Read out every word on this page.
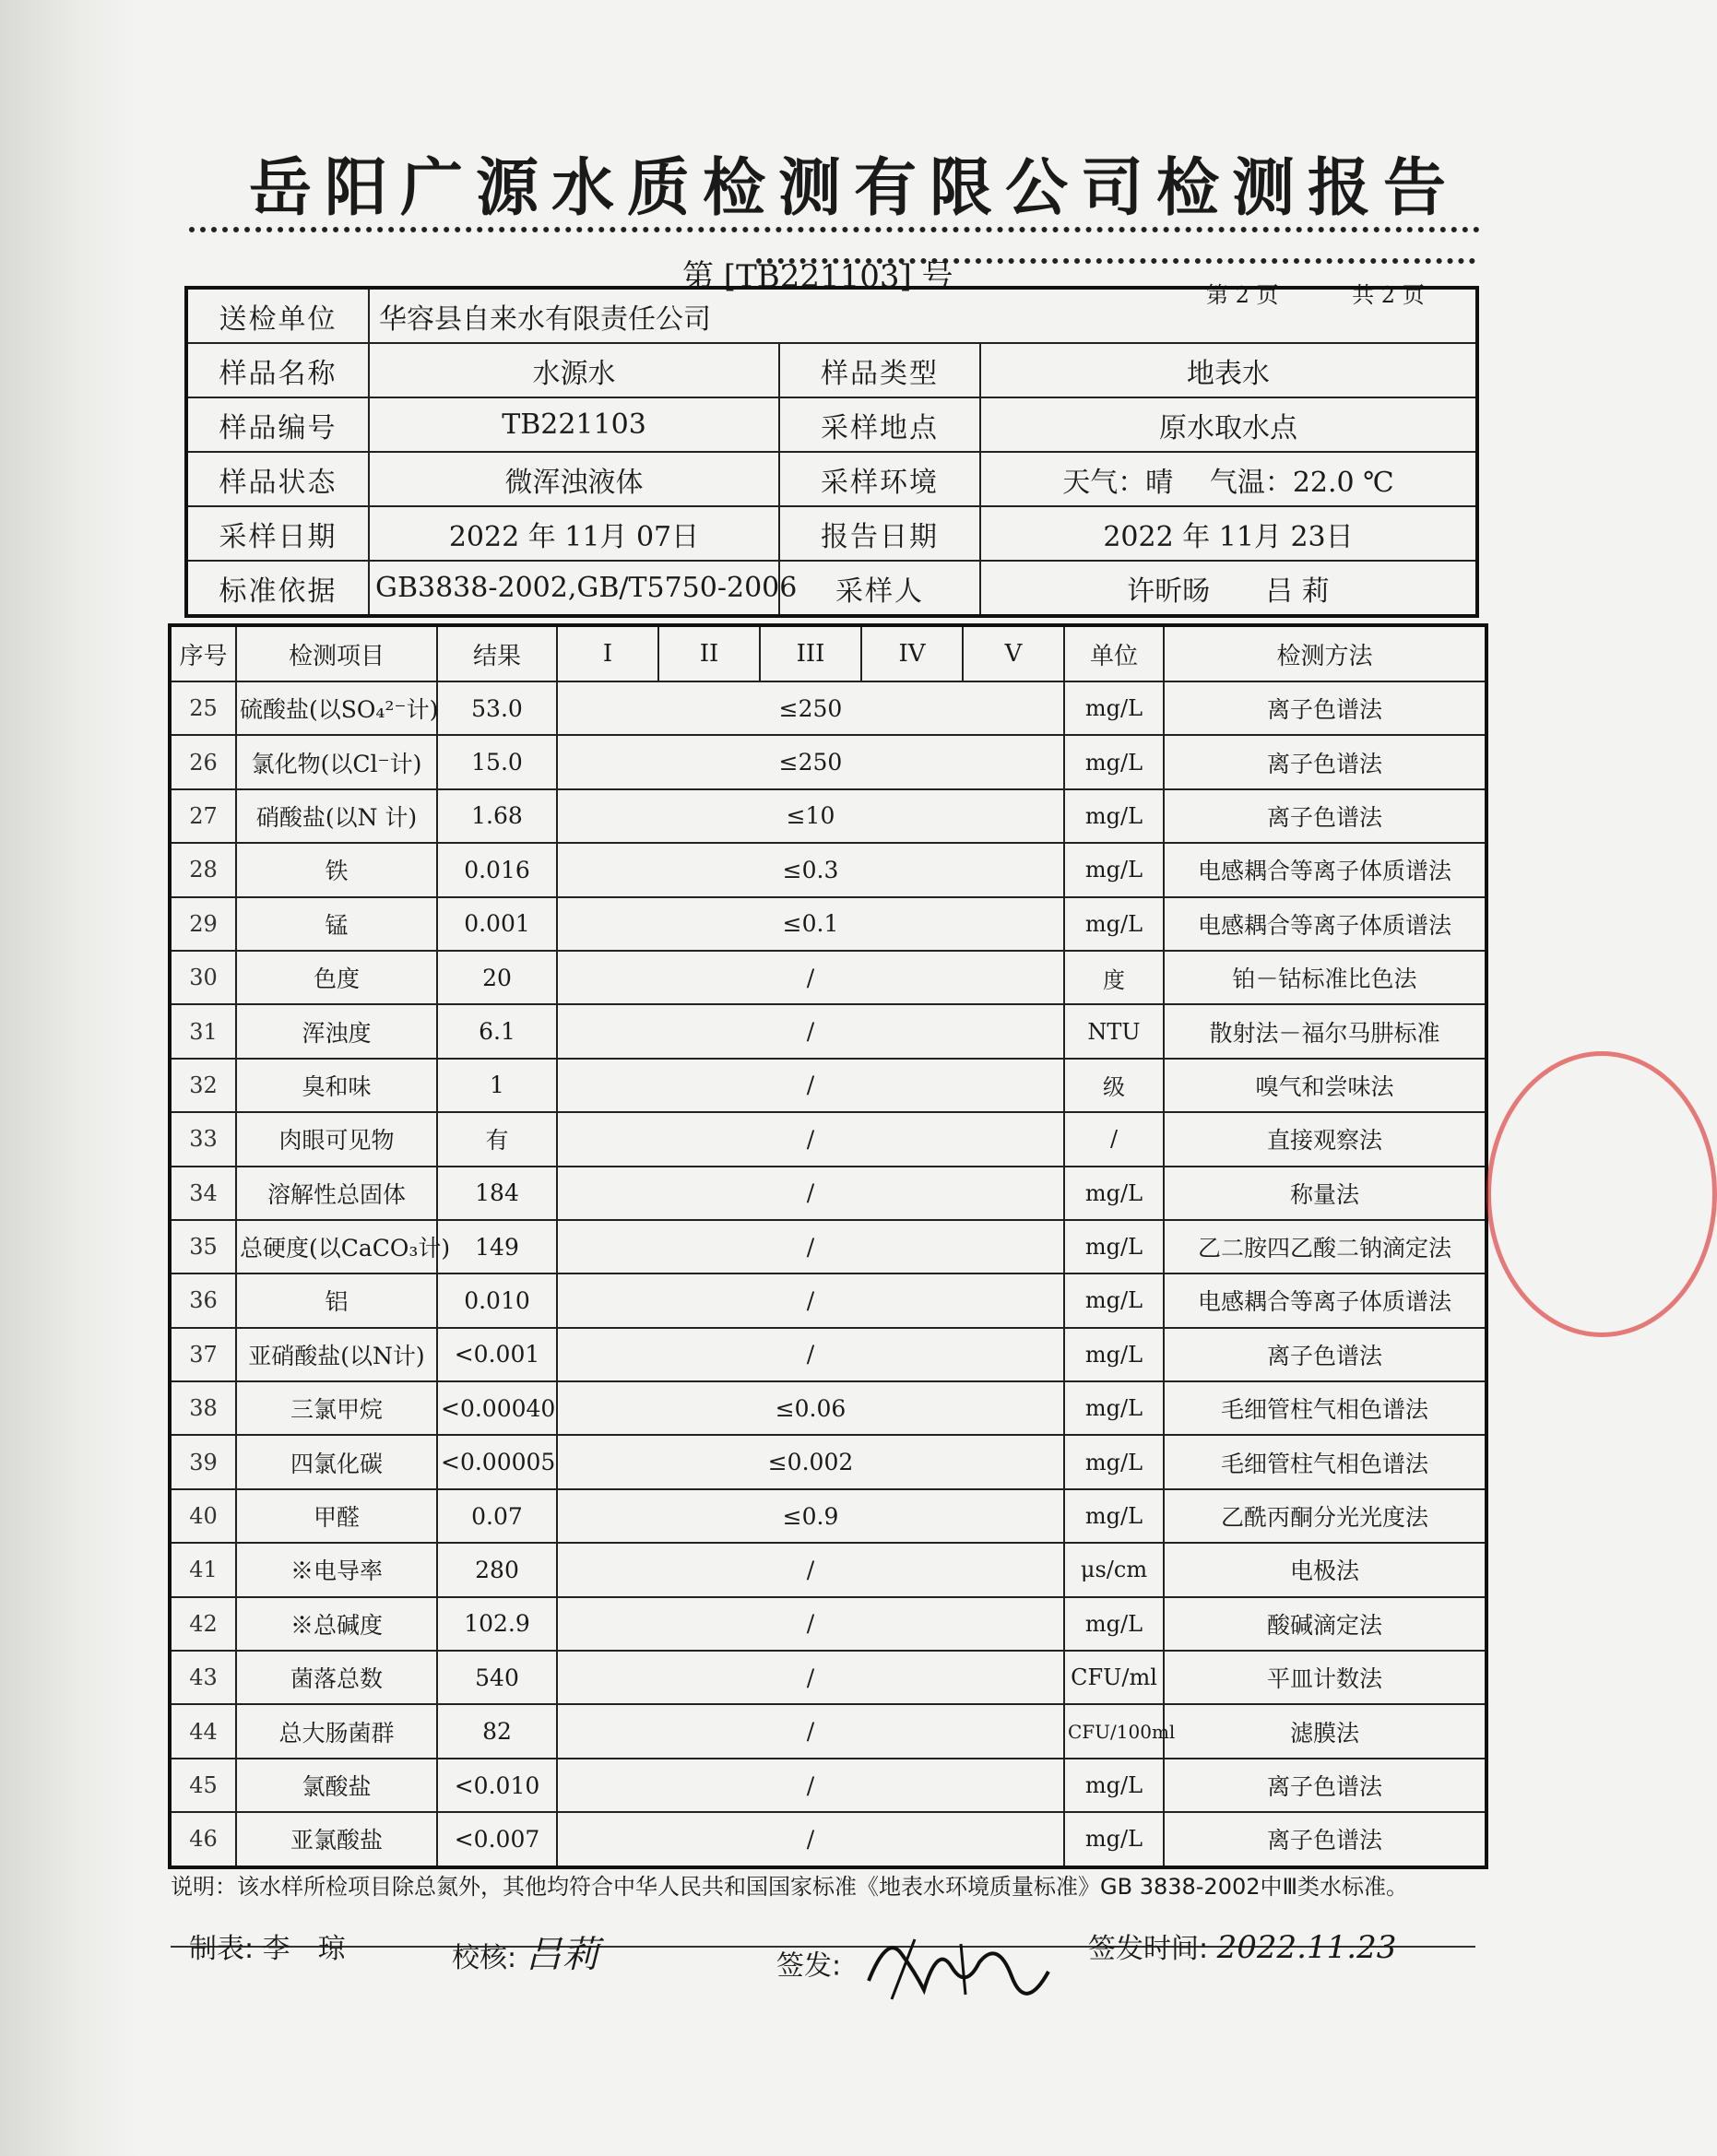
岳阳广源水质检测有限公司检测报告
第 [TB221103] 号	第 2 页	共 2 页
送检单位	华容县自来水有限责任公司		
样品名称	水源水	样品类型	地表水
样品编号	TB221103	采样地点	原水取水点
样品状态	微浑浊液体	采样环境	天气：晴　 气温：22.0 ℃
采样日期	2022 年 11月 07日	报告日期	2022 年 11月 23日
标准依据	GB3838-2002,GB/T5750-2006	采样人	许昕旸　　吕 莉
序号	检测项目	结果	I	II	III	IV	V	单位	检测方法
25	硫酸盐(以SO₄²⁻计)	53.0	≤250					mg/L	离子色谱法
26	氯化物(以Cl⁻计)	15.0	≤250					mg/L	离子色谱法
27	硝酸盐(以N 计)	1.68	≤10					mg/L	离子色谱法
28	铁	0.016	≤0.3					mg/L	电感耦合等离子体质谱法
29	锰	0.001	≤0.1					mg/L	电感耦合等离子体质谱法
30	色度	20	/					度	铂－钴标准比色法
31	浑浊度	6.1	/					NTU	散射法－福尔马肼标准
32	臭和味	1	/					级	嗅气和尝味法
33	肉眼可见物	有	/					/	直接观察法
34	溶解性总固体	184	/					mg/L	称量法
35	总硬度(以CaCO₃计)	149	/					mg/L	乙二胺四乙酸二钠滴定法
36	铝	0.010	/					mg/L	电感耦合等离子体质谱法
37	亚硝酸盐(以N计)	<0.001	/					mg/L	离子色谱法
38	三氯甲烷	<0.00040	≤0.06					mg/L	毛细管柱气相色谱法
39	四氯化碳	<0.00005	≤0.002					mg/L	毛细管柱气相色谱法
40	甲醛	0.07	≤0.9					mg/L	乙酰丙酮分光光度法
41	※电导率	280	/					μs/cm	电极法
42	※总碱度	102.9	/					mg/L	酸碱滴定法
43	菌落总数	540	/					CFU/ml	平皿计数法
44	总大肠菌群	82	/					CFU/100ml	滤膜法
45	氯酸盐	<0.010	/					mg/L	离子色谱法
46	亚氯酸盐	<0.007	/					mg/L	离子色谱法
说明：该水样所检项目除总氮外，其他均符合中华人民共和国国家标准《地表水环境质量标准》GB 3838-2002中Ⅲ类水标准。
制表: 李　琼	校核: 吕莉	签发:
签发时间: 2022.11.23
